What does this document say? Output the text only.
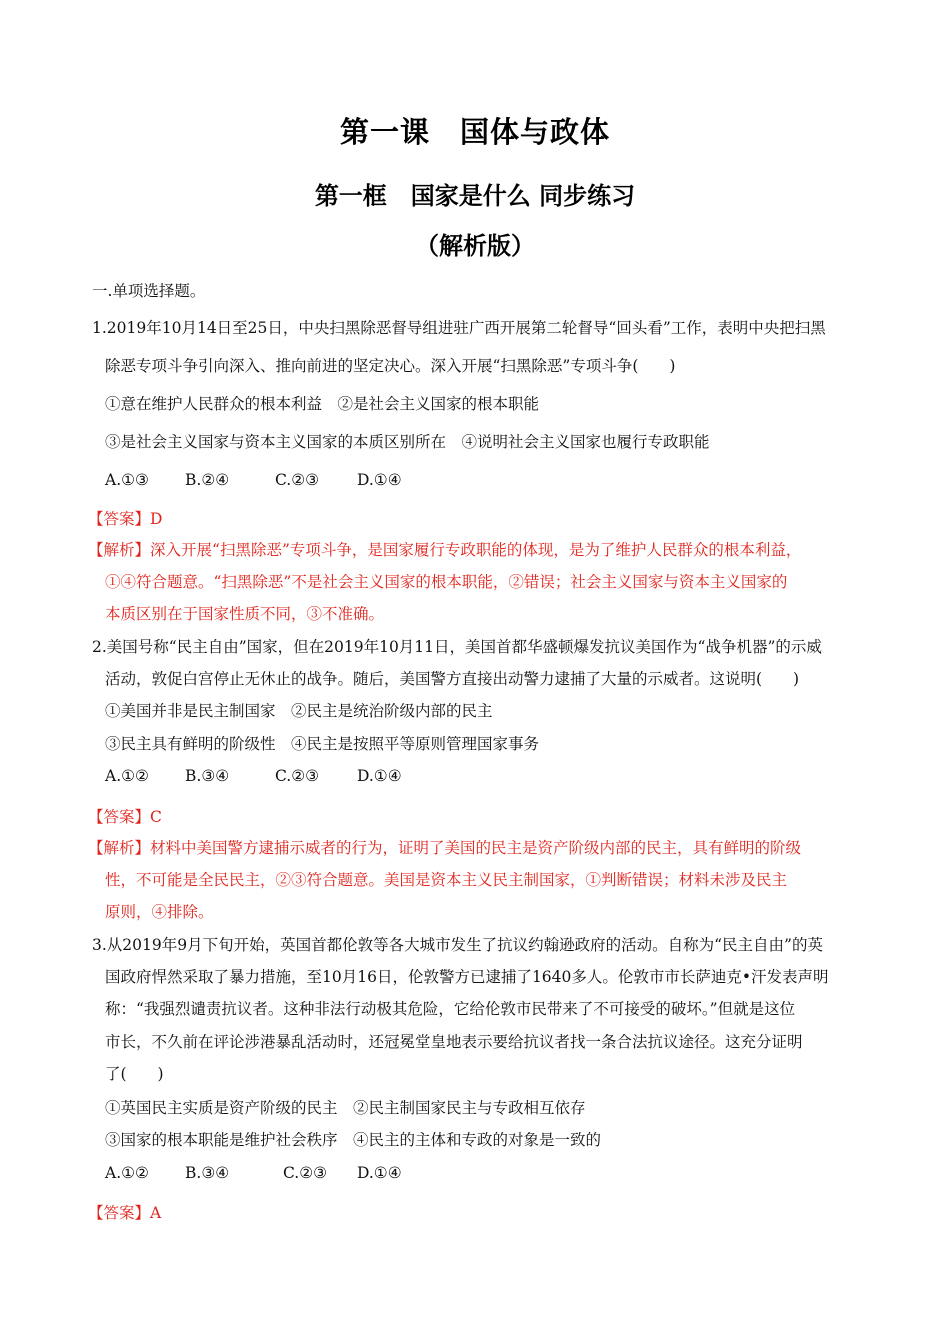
第一课　国体与政体
第一框　国家是什么 同步练习
（解析版）
一.单项选择题。
1.2019年10月14日至25日，中央扫黑除恶督导组进驻广西开展第二轮督导“回头看”工作，表明中央把扫黑
除恶专项斗争引向深入、推向前进的坚定决心。深入开展“扫黑除恶”专项斗争(　　)
①意在维护人民群众的根本利益　②是社会主义国家的根本职能
③是社会主义国家与资本主义国家的本质区别所在　④说明社会主义国家也履行专政职能
A.①③ B.②④	C.②③ D.①④
【答案】D
【解析】深入开展“扫黑除恶”专项斗争，是国家履行专政职能的体现，是为了维护人民群众的根本利益，
①④符合题意。“扫黑除恶”不是社会主义国家的根本职能，②错误；社会主义国家与资本主义国家的
本质区别在于国家性质不同，③不准确。
2.美国号称“民主自由”国家，但在2019年10月11日，美国首都华盛顿爆发抗议美国作为“战争机器”的示威
活动，敦促白宫停止无休止的战争。随后，美国警方直接出动警力逮捕了大量的示威者。这说明(　　)
①美国并非是民主制国家　②民主是统治阶级内部的民主
③民主具有鲜明的阶级性　④民主是按照平等原则管理国家事务
A.①② B.③④	C.②③ D.①④
【答案】C
【解析】材料中美国警方逮捕示威者的行为，证明了美国的民主是资产阶级内部的民主，具有鲜明的阶级
性，不可能是全民民主，②③符合题意。美国是资本主义民主制国家，①判断错误；材料未涉及民主
原则，④排除。
3.从2019年9月下旬开始，英国首都伦敦等各大城市发生了抗议约翰逊政府的活动。自称为“民主自由”的英
国政府悍然采取了暴力措施，至10月16日，伦敦警方已逮捕了1640多人。伦敦市市长萨迪克•汗发表声明
称：“我强烈谴责抗议者。这种非法行动极其危险，它给伦敦市民带来了不可接受的破坏。”但就是这位
市长，不久前在评论涉港暴乱活动时，还冠冕堂皇地表示要给抗议者找一条合法抗议途径。这充分证明
了(　　)
①英国民主实质是资产阶级的民主　②民主制国家民主与专政相互依存
③国家的根本职能是维护社会秩序　④民主的主体和专政的对象是一致的
A.①② B.③④	C.②③ D.①④
【答案】A
